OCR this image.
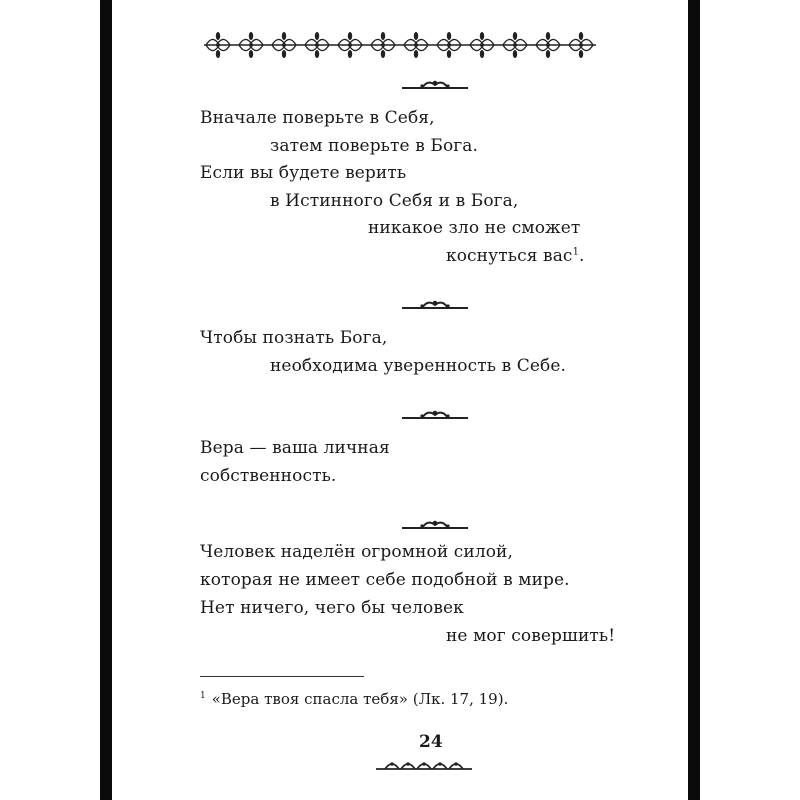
Вначале поверьте в Себя,
затем поверьте в Бога.
Если вы будете верить
в Истинного Себя и в Бога,
никакое зло не сможет
коснуться вас$^1$.
Чтобы познать Бога,
необходима уверенность в Себе.
Вера — ваша личная
собственность.
Человек наделён огромной силой,
которая не имеет себе подобной в мире.
Нет ничего, чего бы человек
не мог совершить!
$^1$ «Вера твоя спасла тебя» (Лк. 17, 19).
24
